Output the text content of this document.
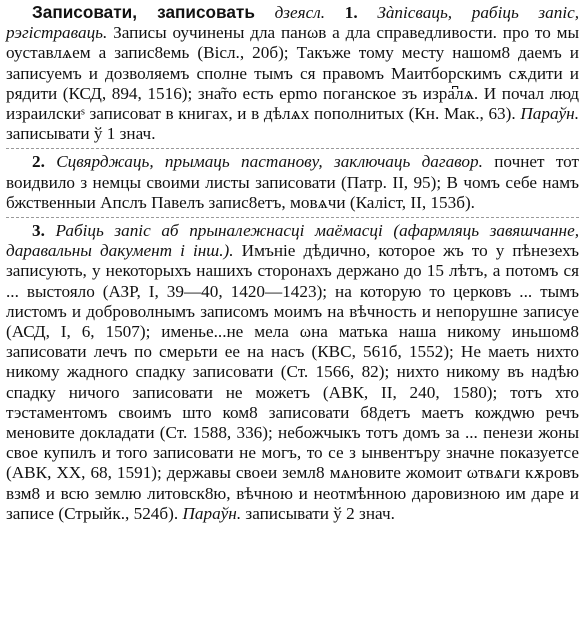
Записовати, записовать дзеясл. 1. Зàпісваць, рабіць запіс, рэгістраваць. Записы оучинены дла панωв а дла справедливости. про то мы оуставлѧем а запис8емь (Вісл., 20б); Такъже тому месту нашом8 даемъ и записуемъ и дозволяемъ сполне тымъ ся правомъ Маитборскимъ сѫдити и рядити (КСД, 894, 1516); зна̃то есть ерmo поганское зъ изра͆лѧ. И почал люд израилскиˢ записоват в книгах, и в дѣлѧх пополнитых (Кн. Мак., 63). Параўн. записывати ў 1 знач.

2. Сцвярджаць, прымаць пастанову, заключаць дагавор. почнет тот воидвило з немцы своими листы записовати (Патр. II, 95); В чомъ себе намъ бжственныи Апслъ Павелъ запис8етъ, мовѧчи (Каліст, II, 153б).

3. Рабіць запіс аб прыналежнасці маёмасці (афармляць завяшчанне, даравальны дакумент і інш.). Имънiе дѣдично, которое жъ то у пѣнезехъ записують, у некоторыхъ нашихъ сторонахъ держано до 15 лѣтъ, а потомъ ся ... выстояло (АЗР, I, 39—40, 1420—1423); на которую то церковъ ... тымъ листомъ и доброволнымъ записомъ моимъ на вѣчность и непорушне записуе (АСД, I, 6, 1507); именье...не мела ωна матька наша никому иньшом8 записовати лечъ по смерьти ее на насъ (КВС, 561б, 1552); Не маеть нихто никому жадного спадку записовати (Ст. 1566, 82); нихто никому въ надѣю спадку ничого записовати не можетъ (АВК, II, 240, 1580); тотъ хто тэстаментомъ своимъ што ком8 записовати б8детъ маетъ кождѡю речъ меновите докладати (Ст. 1588, 336); небожчыкъ тотъ домъ за ... пенези жоны свое купилъ и того записовати не могъ, то се з ынвентъру значне показуетсе (АВК, ХХ, 68, 1591); державы своеи земл8 мѧновите жомоит ωтвѧги кѫровъ взм8 и всю землю литовск8ю, вѣчною и неотмѣнною даровизною им даре и записе (Стрыйк., 524б). Параўн. записывати ў 2 знач.
